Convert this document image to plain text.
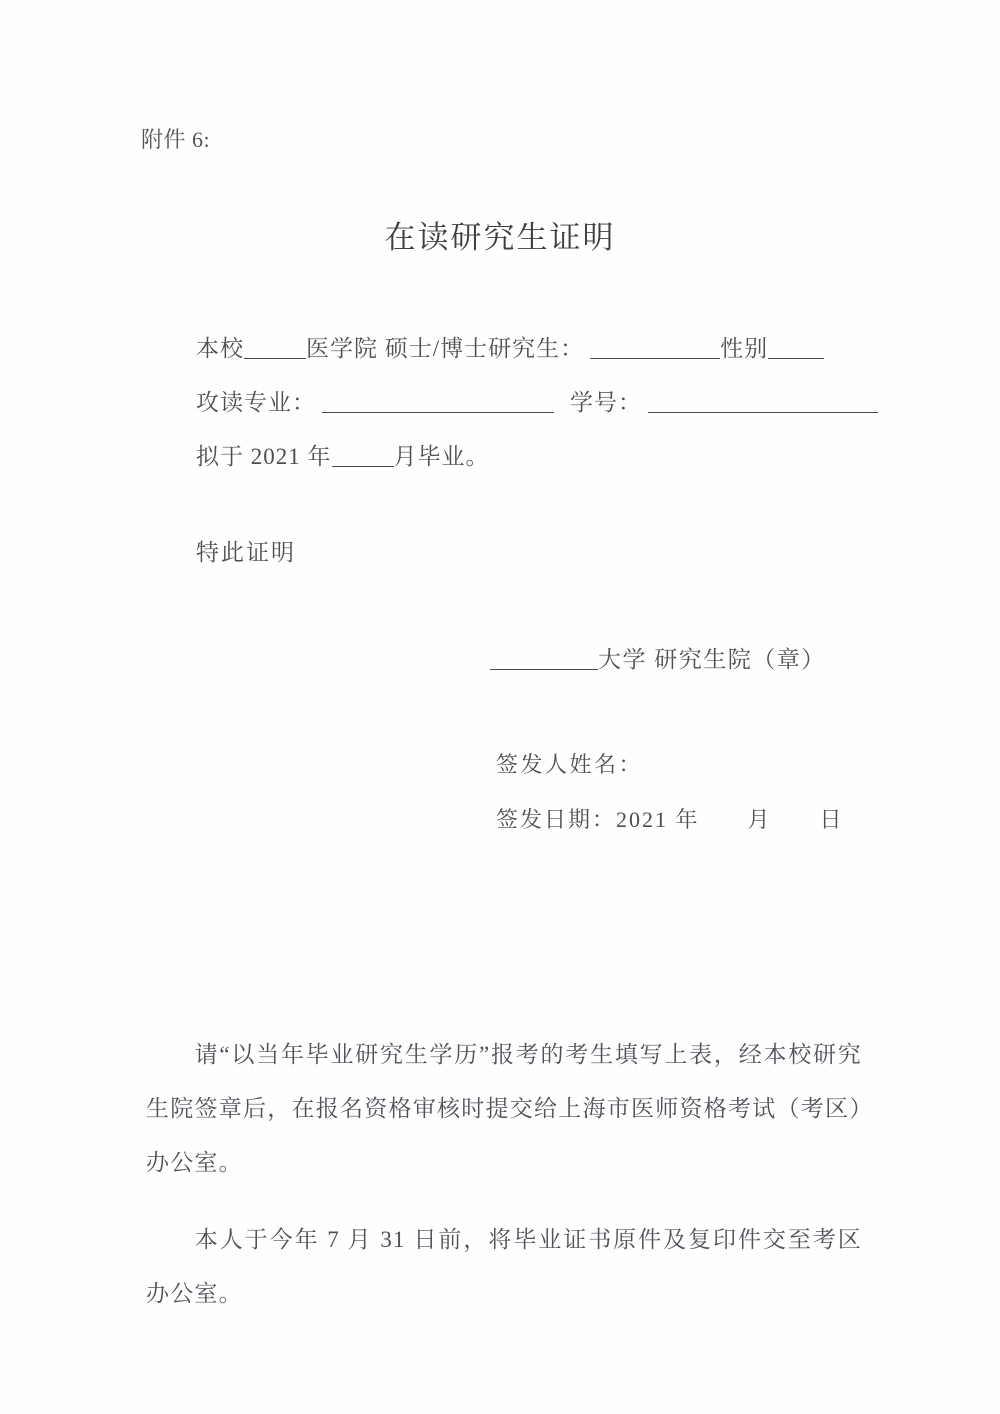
附件 6:
在读研究生证明
本校	医学院 硕士/博士研究生：	性别
攻读专业：	学号：
拟于 2021 年	月毕业。
特此证明
大学 研究生院（章）
签发人姓名：
签发日期：2021 年　　月　　日

请“以当年毕业研究生学历”报考的考生填写上表，经本校研究生院签章后，在报名资格审核时提交给上海市医师资格考试（考区）办公室。

本人于今年 7 月 31 日前，将毕业证书原件及复印件交至考区办公室。
